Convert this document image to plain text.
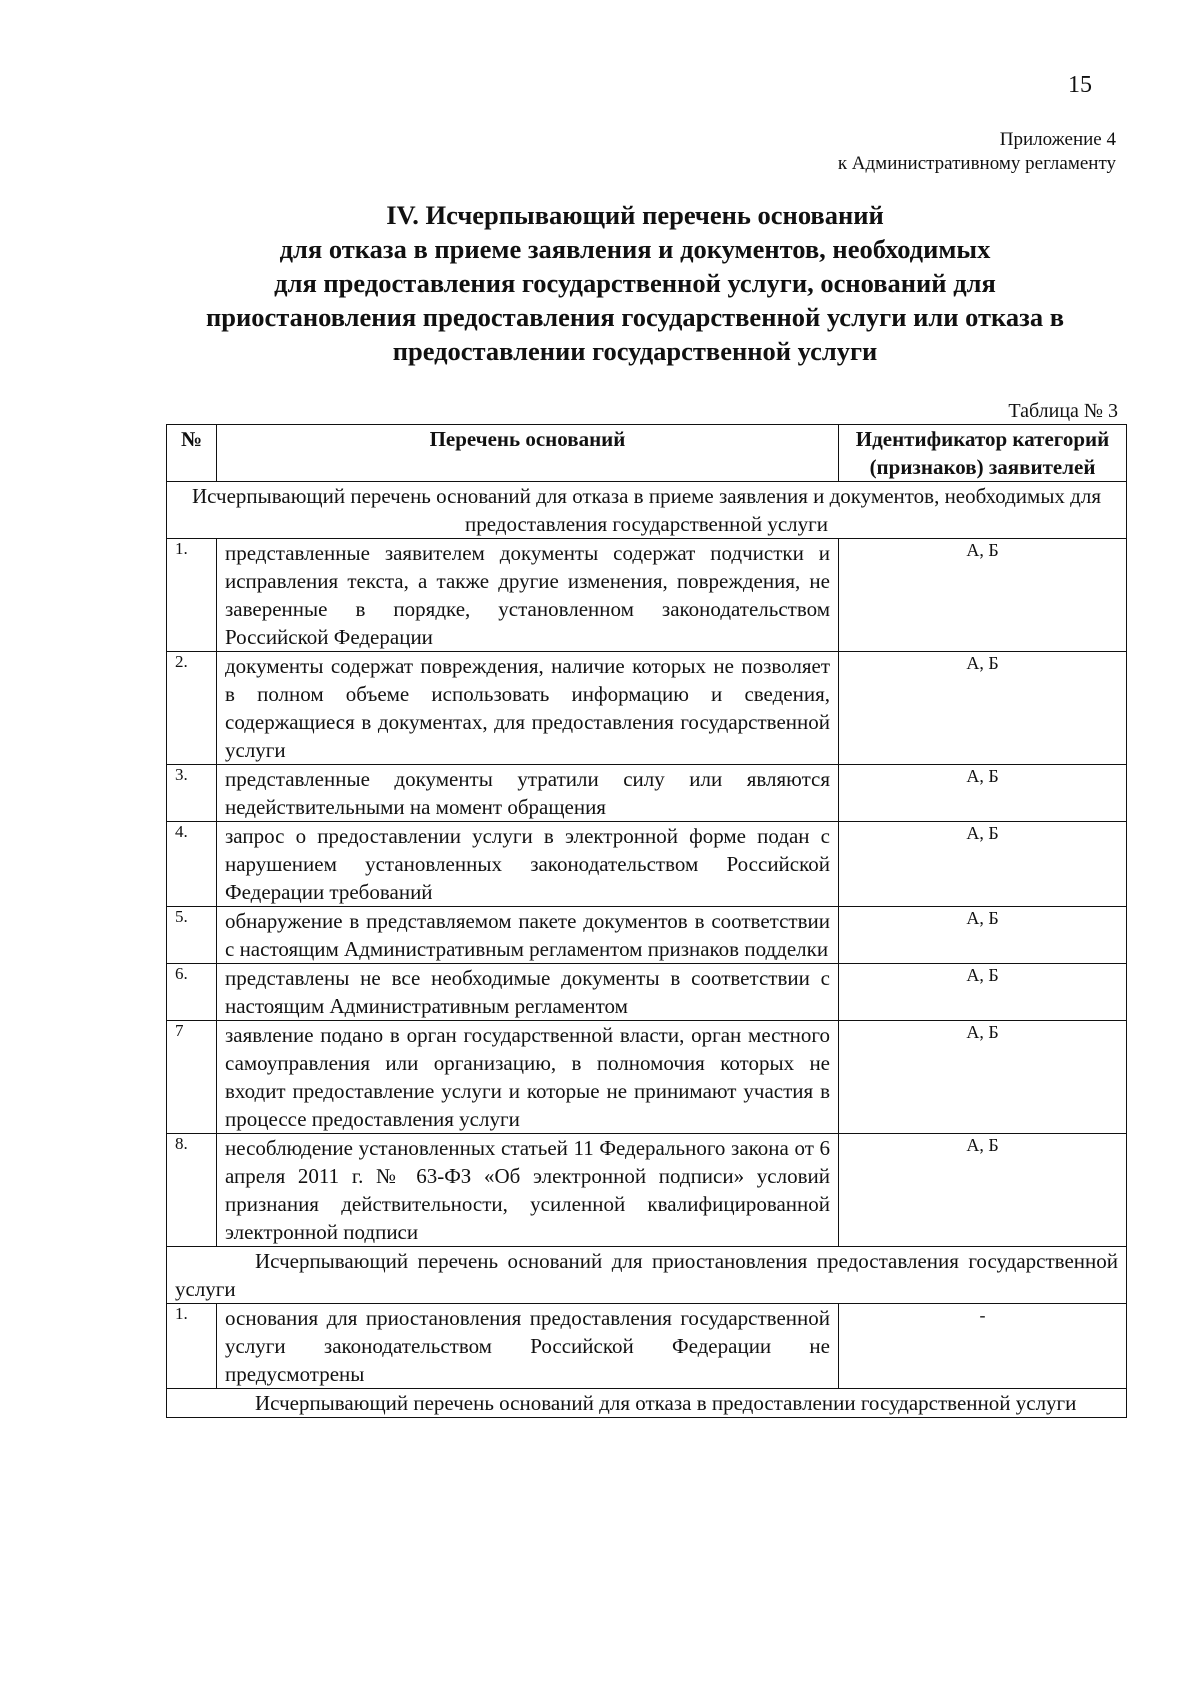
15
Приложение 4
к Административному регламенту
IV. Исчерпывающий перечень оснований
для отказа в приеме заявления и документов, необходимых
для предоставления государственной услуги, оснований для
приостановления предоставления государственной услуги или отказа в
предоставлении государственной услуги
Таблица № 3
№	Перечень оснований	Идентификатор категорий (признаков) заявителей
Исчерпывающий перечень оснований для отказа в приеме заявления и документов, необходимых для предоставления государственной услуги		
1.	представленные заявителем документы содержат подчистки и исправления текста, а также другие изменения, повреждения, не заверенные в порядке, установленном законодательством Российской Федерации	А, Б
2.	документы содержат повреждения, наличие которых не позволяет в полном объеме использовать информацию и сведения, содержащиеся в документах, для предоставления государственной услуги	А, Б
3.	представленные документы утратили силу или являются недействительными на момент обращения	А, Б
4.	запрос о предоставлении услуги в электронной форме подан с нарушением установленных законодательством Российской Федерации требований	А, Б
5.	обнаружение в представляемом пакете документов в соответствии с настоящим Административным регламентом признаков подделки	А, Б
6.	представлены не все необходимые документы в соответствии с настоящим Административным регламентом	А, Б
7	заявление подано в орган государственной власти, орган местного самоуправления или организацию, в полномочия которых не входит предоставление услуги и которые не принимают участия в процессе предоставления услуги	А, Б
8.	несоблюдение установленных статьей 11 Федерального закона от 6 апреля 2011 г. № 63-ФЗ «Об электронной подписи» условий признания действительности, усиленной квалифицированной электронной подписи	А, Б
Исчерпывающий перечень оснований для приостановления предоставления государственной услуги		
1.	основания для приостановления предоставления государственной услуги законодательством Российской Федерации не предусмотрены	-
Исчерпывающий перечень оснований для отказа в предоставлении государственной услуги		
